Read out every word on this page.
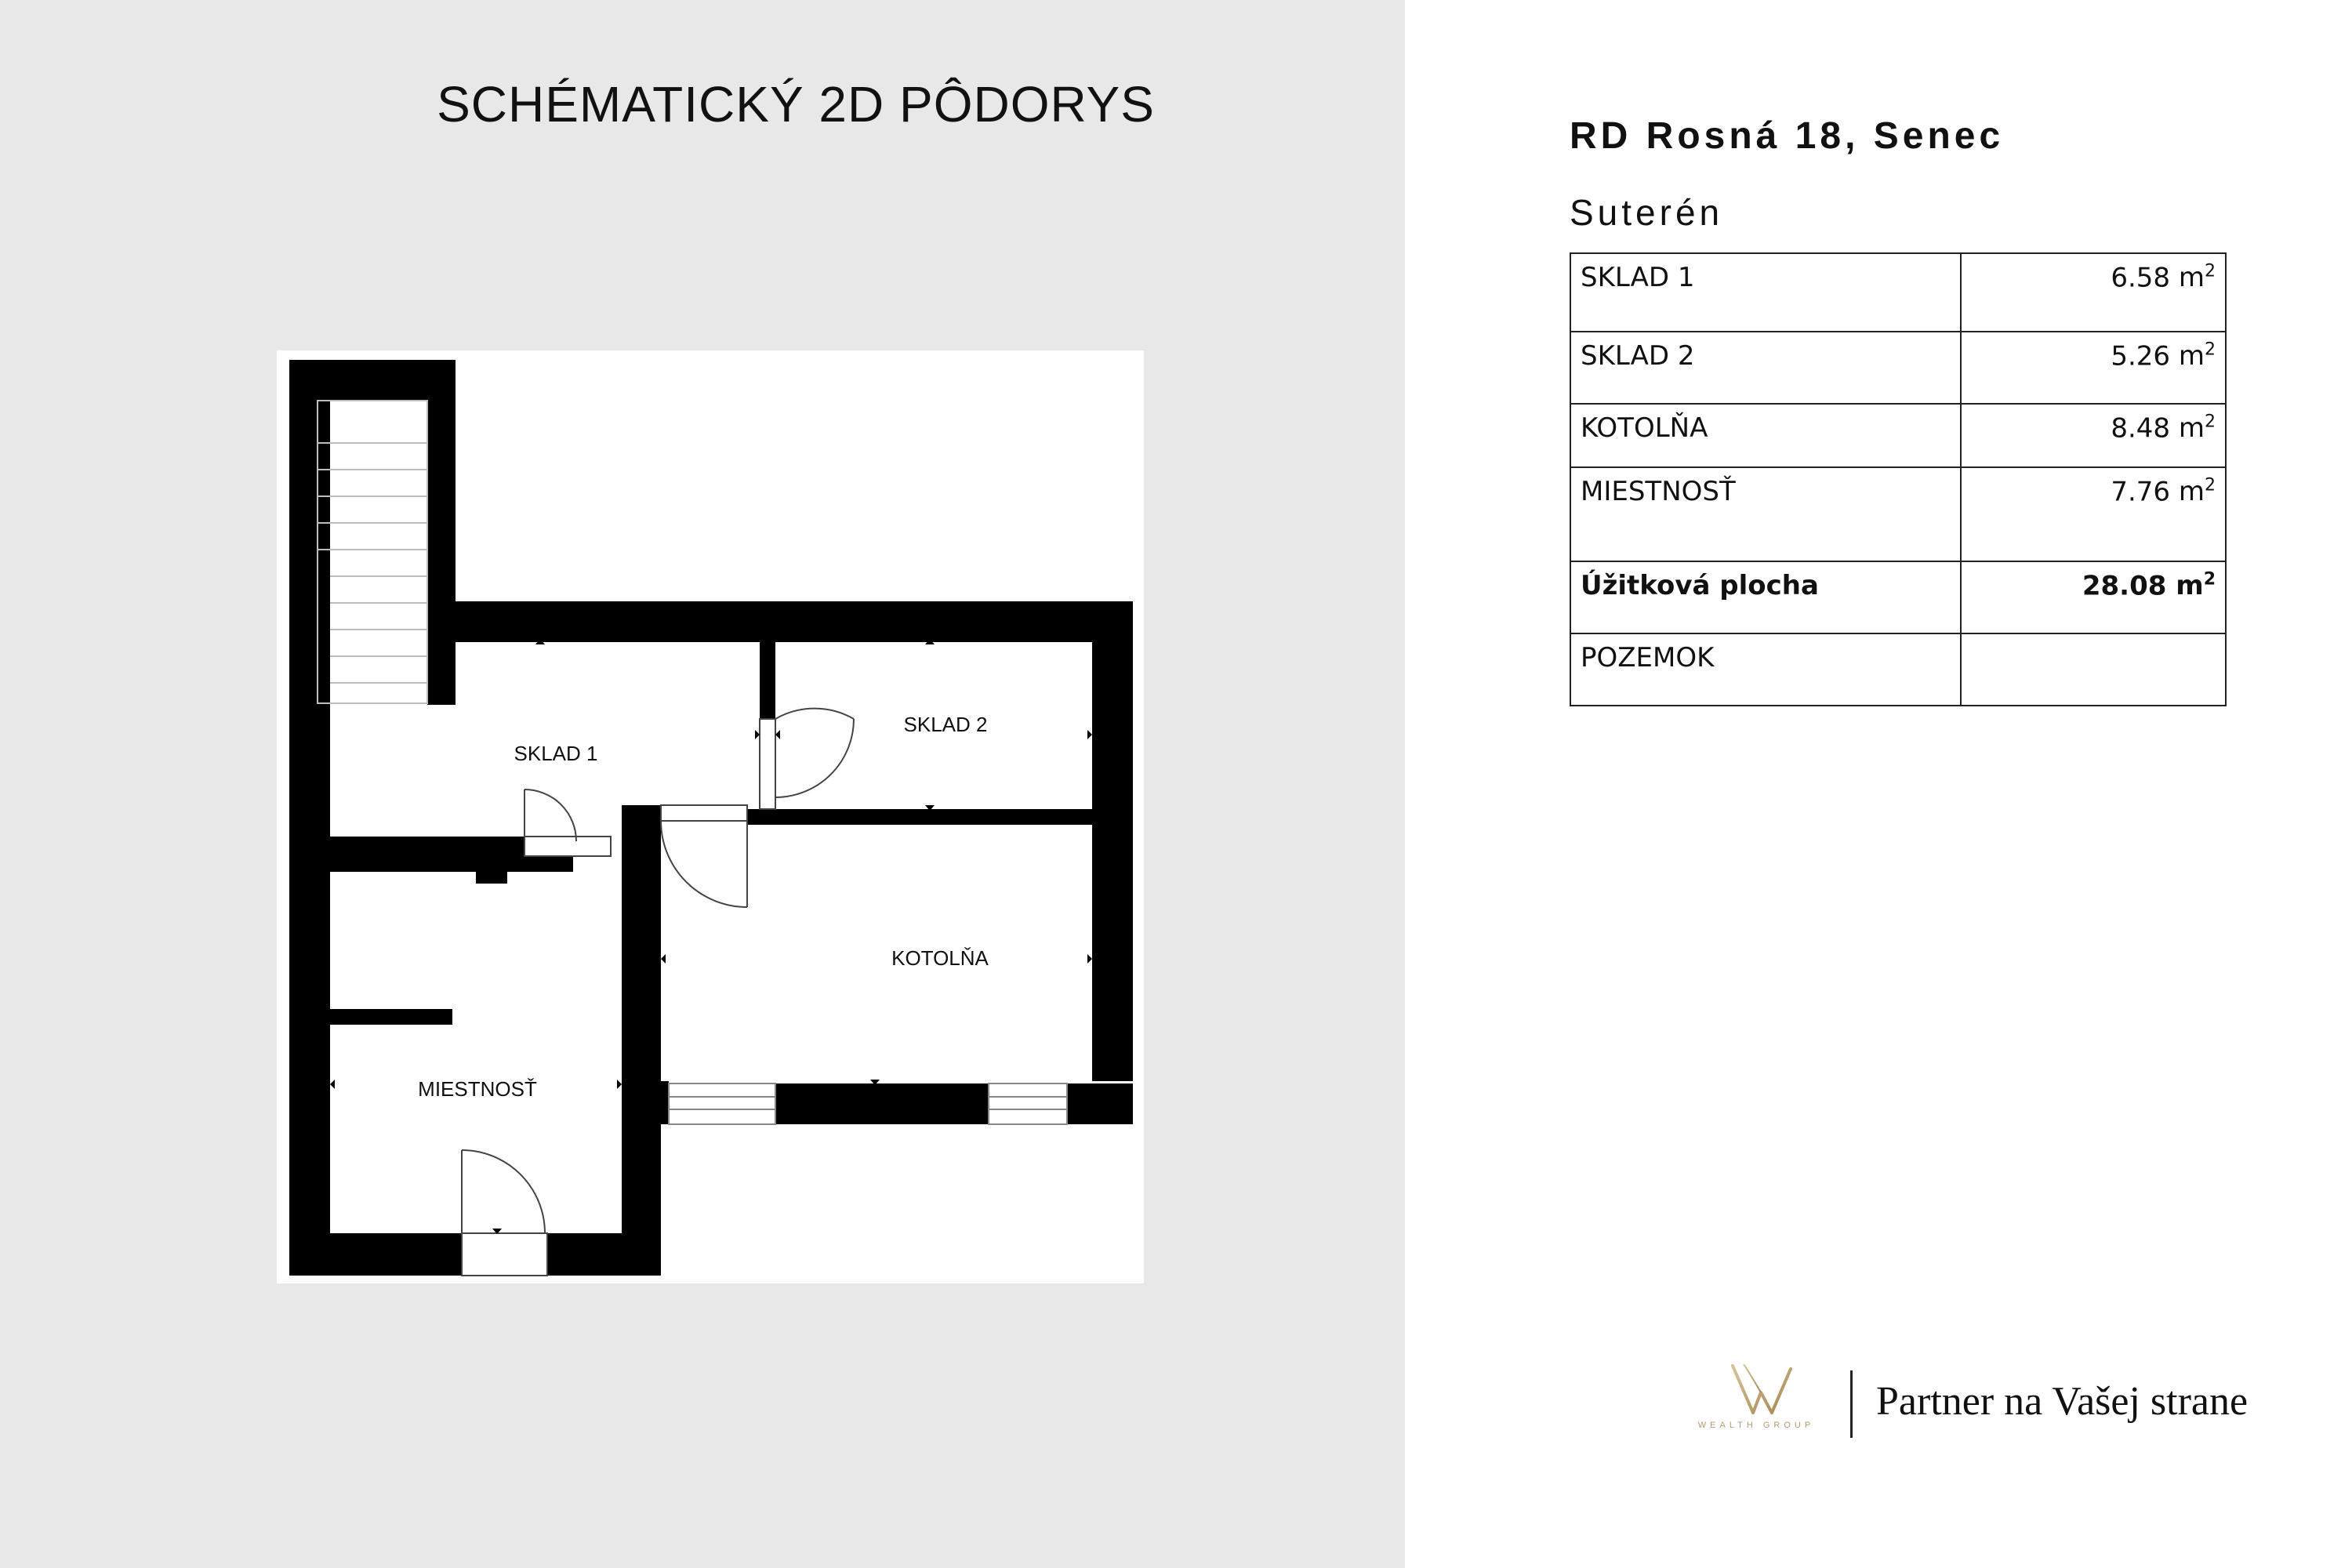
SCHÉMATICKÝ 2D PÔDORYS
SKLAD 1
SKLAD 2
KOTOLŇA
MIESTNOSŤ
RD Rosná 18, Senec
Suterén
SKLAD 1	6.58 $m^2$
SKLAD 2	5.26 $m^2$
KOTOLŇA	8.48 $m^2$
MIESTNOSŤ	7.76 $m^2$
Úžitková plocha	28.08 $m^2$
POZEMOK	
WEALTH GROUP
Partner na Vašej strane
